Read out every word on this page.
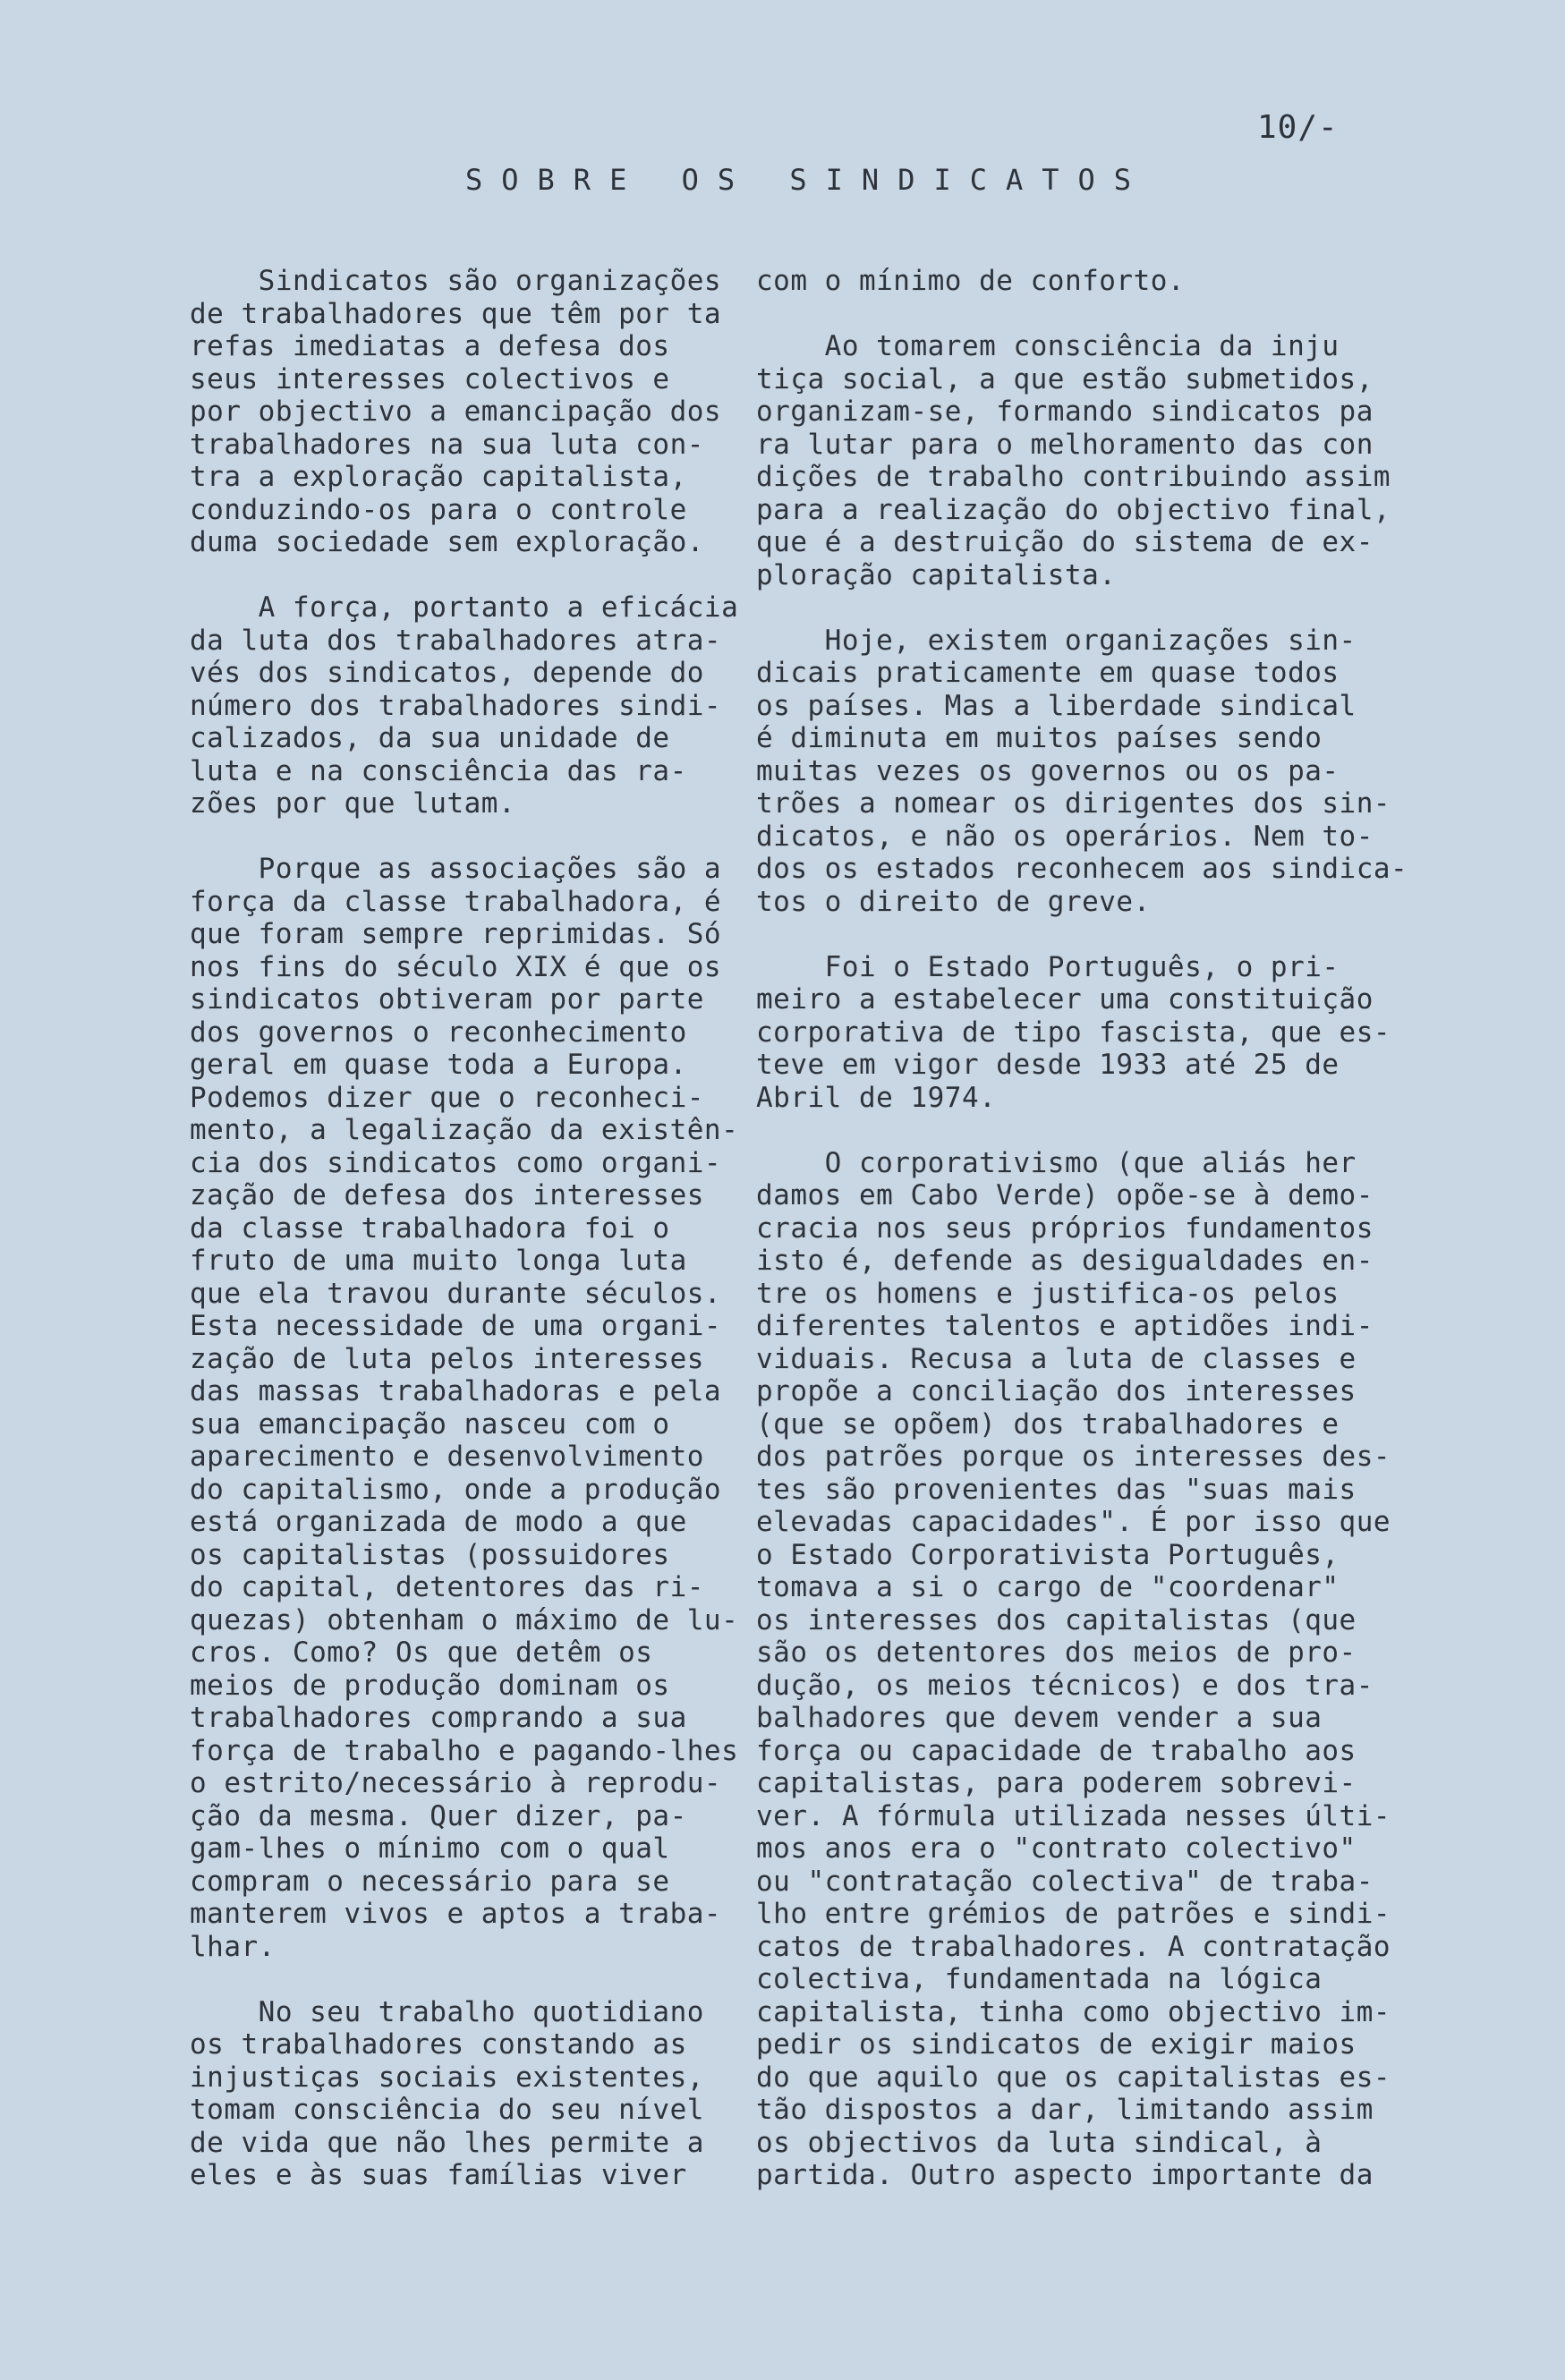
10/-
SOBRE OS SINDICATOS
Sindicatos são organizações
de trabalhadores que têm por ta
refas imediatas a defesa dos
seus interesses colectivos e
por objectivo a emancipação dos
trabalhadores na sua luta con-
tra a exploração capitalista,
conduzindo-os para o controle
duma sociedade sem exploração.
A força, portanto a eficácia
da luta dos trabalhadores atra-
vés dos sindicatos, depende do
número dos trabalhadores sindi-
calizados, da sua unidade de
luta e na consciência das ra-
zões por que lutam.
Porque as associações são a
força da classe trabalhadora, é
que foram sempre reprimidas. Só
nos fins do século XIX é que os
sindicatos obtiveram por parte
dos governos o reconhecimento
geral em quase toda a Europa.
Podemos dizer que o reconheci-
mento, a legalização da existên-
cia dos sindicatos como organi-
zação de defesa dos interesses
da classe trabalhadora foi o
fruto de uma muito longa luta
que ela travou durante séculos.
Esta necessidade de uma organi-
zação de luta pelos interesses
das massas trabalhadoras e pela
sua emancipação nasceu com o
aparecimento e desenvolvimento
do capitalismo, onde a produção
está organizada de modo a que
os capitalistas (possuidores
do capital, detentores das ri-
quezas) obtenham o máximo de lu-
cros. Como? Os que detêm os
meios de produção dominam os
trabalhadores comprando a sua
força de trabalho e pagando-lhes
o estrito/necessário à reprodu-
ção da mesma. Quer dizer, pa-
gam-lhes o mínimo com o qual
compram o necessário para se
manterem vivos e aptos a traba-
lhar.
No seu trabalho quotidiano
os trabalhadores constando as
injustiças sociais existentes,
tomam consciência do seu nível
de vida que não lhes permite a
eles e às suas famílias viver
com o mínimo de conforto.
Ao tomarem consciência da inju
tiça social, a que estão submetidos,
organizam-se, formando sindicatos pa
ra lutar para o melhoramento das con
dições de trabalho contribuindo assim
para a realização do objectivo final,
que é a destruição do sistema de ex-
ploração capitalista.
Hoje, existem organizações sin-
dicais praticamente em quase todos
os países. Mas a liberdade sindical
é diminuta em muitos países sendo
muitas vezes os governos ou os pa-
trões a nomear os dirigentes dos sin-
dicatos, e não os operários. Nem to-
dos os estados reconhecem aos sindica-
tos o direito de greve.
Foi o Estado Português, o pri-
meiro a estabelecer uma constituição
corporativa de tipo fascista, que es-
teve em vigor desde 1933 até 25 de
Abril de 1974.
O corporativismo (que aliás her
damos em Cabo Verde) opõe-se à demo-
cracia nos seus próprios fundamentos
isto é, defende as desigualdades en-
tre os homens e justifica-os pelos
diferentes talentos e aptidões indi-
viduais. Recusa a luta de classes e
propõe a conciliação dos interesses
(que se opõem) dos trabalhadores e
dos patrões porque os interesses des-
tes são provenientes das "suas mais
elevadas capacidades". É por isso que
o Estado Corporativista Português,
tomava a si o cargo de "coordenar"
os interesses dos capitalistas (que
são os detentores dos meios de pro-
dução, os meios técnicos) e dos tra-
balhadores que devem vender a sua
força ou capacidade de trabalho aos
capitalistas, para poderem sobrevi-
ver. A fórmula utilizada nesses últi-
mos anos era o "contrato colectivo"
ou "contratação colectiva" de traba-
lho entre grémios de patrões e sindi-
catos de trabalhadores. A contratação
colectiva, fundamentada na lógica
capitalista, tinha como objectivo im-
pedir os sindicatos de exigir maios
do que aquilo que os capitalistas es-
tão dispostos a dar, limitando assim
os objectivos da luta sindical, à
partida. Outro aspecto importante da
